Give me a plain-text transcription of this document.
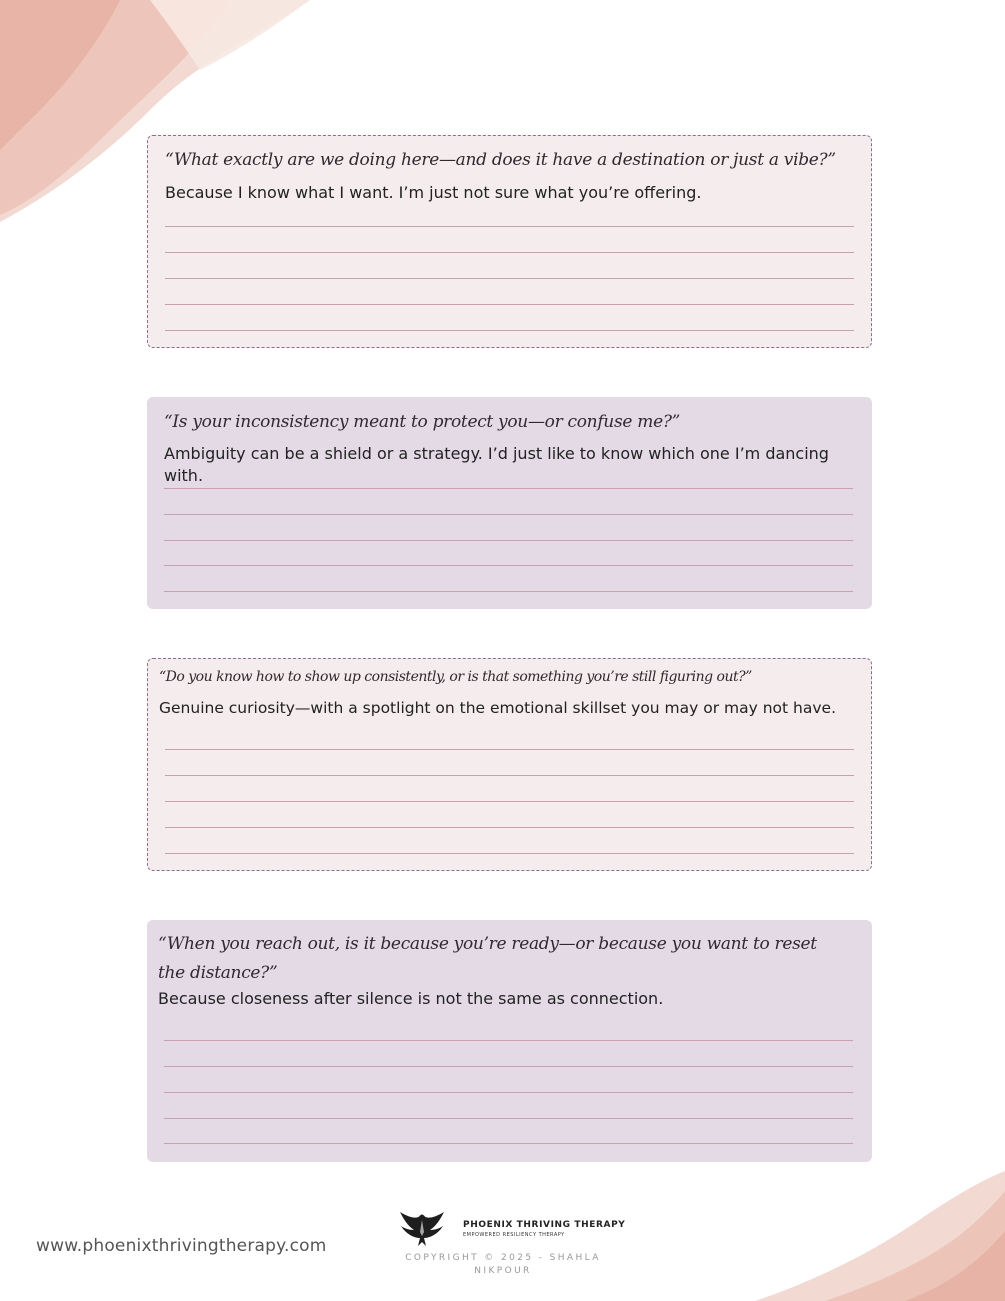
“What exactly are we doing here—and does it have a destination or just a vibe?”
Because I know what I want. I’m just not sure what you’re offering.
“Is your inconsistency meant to protect you—or confuse me?”
Ambiguity can be a shield or a strategy. I’d just like to know which one I’m dancing with.
“Do you know how to show up consistently, or is that something you’re still figuring out?”
Genuine curiosity—with a spotlight on the emotional skillset you may or may not have.
“When you reach out, is it because you’re ready—or because you want to reset the distance?”
Because closeness after silence is not the same as connection.
www.phoenixthrivingtherapy.com
PHOENIX THRIVING THERAPY
EMPOWERED RESILIENCY THERAPY
COPYRIGHT © 2025 - SHAHLA NIKPOUR
